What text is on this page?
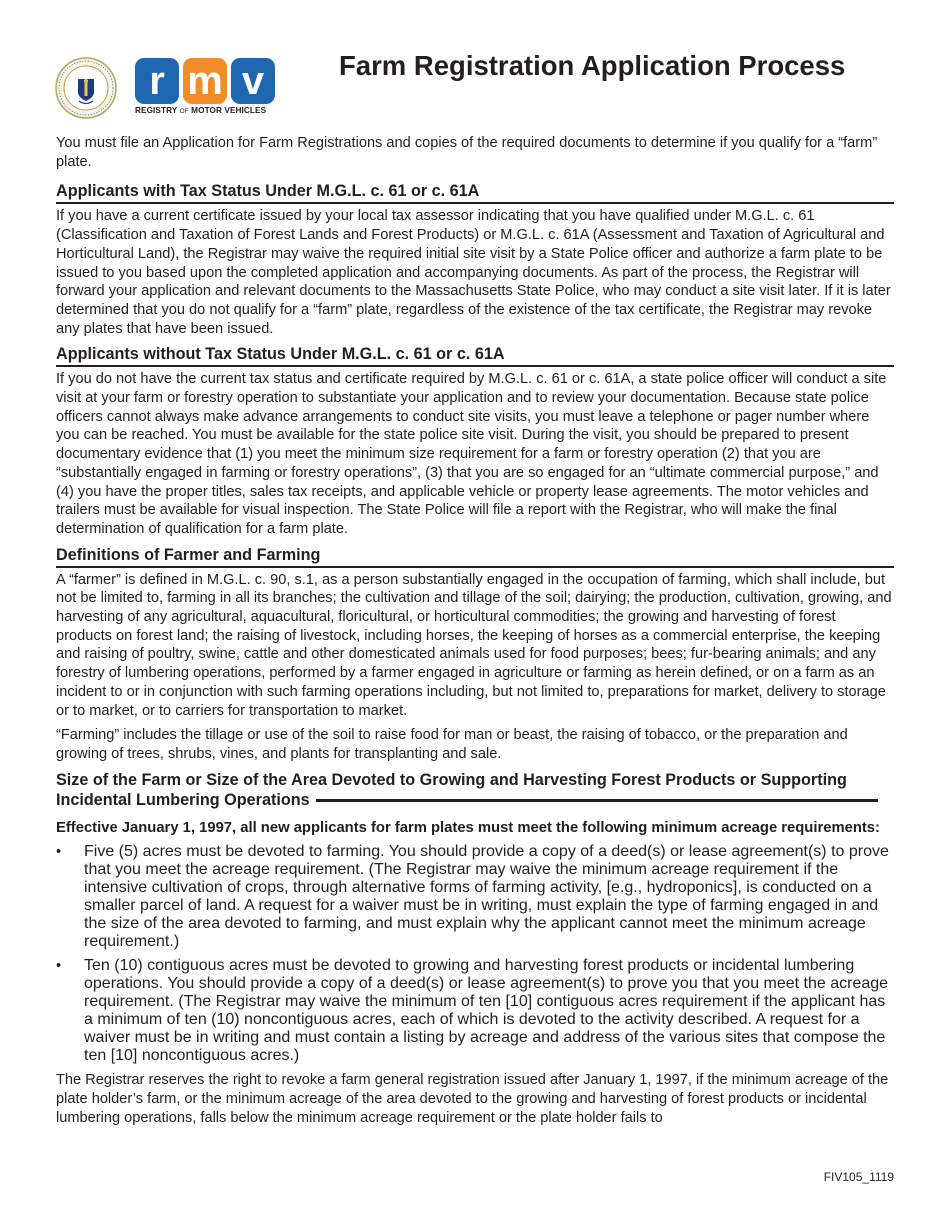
r m v
REGISTRY OF MOTOR VEHICLES
Farm Registration Application Process

You must file an Application for Farm Registrations and copies of the required documents to determine if you qualify for a “farm” plate.

Applicants with Tax Status Under M.G.L. c. 61 or c. 61A

If you have a current certificate issued by your local tax assessor indicating that you have qualified under M.G.L. c. 61 (Classification and Taxation of Forest Lands and Forest Products) or M.G.L. c. 61A (Assessment and Taxation of Agricultural and Horticultural Land), the Registrar may waive the required initial site visit by a State Police officer and authorize a farm plate to be issued to you based upon the completed application and accompanying documents. As part of the process, the Registrar will forward your application and relevant documents to the Massachusetts State Police, who may conduct a site visit later. If it is later determined that you do not qualify for a “farm” plate, regardless of the existence of the tax certificate, the Registrar may revoke any plates that have been issued.

Applicants without Tax Status Under M.G.L. c. 61 or c. 61A

If you do not have the current tax status and certificate required by M.G.L. c. 61 or c. 61A, a state police officer will conduct a site visit at your farm or forestry operation to substantiate your application and to review your documentation. Because state police officers cannot always make advance arrangements to conduct site visits, you must leave a telephone or pager number where you can be reached. You must be available for the state police site visit. During the visit, you should be prepared to present documentary evidence that (1) you meet the minimum size requirement for a farm or forestry operation (2) that you are “substantially engaged in farming or forestry operations”, (3) that you are so engaged for an “ultimate commercial purpose,” and (4) you have the proper titles, sales tax receipts, and applicable vehicle or property lease agreements. The motor vehicles and trailers must be available for visual inspection. The State Police will file a report with the Registrar, who will make the final determination of qualification for a farm plate.

Definitions of Farmer and Farming

A “farmer” is defined in M.G.L. c. 90, s.1, as a person substantially engaged in the occupation of farming, which shall include, but not be limited to, farming in all its branches; the cultivation and tillage of the soil; dairying; the production, cultivation, growing, and harvesting of any agricultural, aquacultural, floricultural, or horticultural commodities; the growing and harvesting of forest products on forest land; the raising of livestock, including horses, the keeping of horses as a commercial enterprise, the keeping and raising of poultry, swine, cattle and other domesticated animals used for food purposes; bees; fur-bearing animals; and any forestry of lumbering operations, performed by a farmer engaged in agriculture or farming as herein defined, or on a farm as an incident to or in conjunction with such farming operations including, but not limited to, preparations for market, delivery to storage or to market, or to carriers for transportation to market.

“Farming” includes the tillage or use of the soil to raise food for man or beast, the raising of tobacco, or the preparation and growing of trees, shrubs, vines, and plants for transplanting and sale.

Size of the Farm or Size of the Area Devoted to Growing and Harvesting Forest Products or Supporting
Incidental Lumbering Operations

Effective January 1, 1997, all new applicants for farm plates must meet the following minimum acreage requirements:

• Five (5) acres must be devoted to farming. You should provide a copy of a deed(s) or lease agreement(s) to prove that you meet the acreage requirement. (The Registrar may waive the minimum acreage requirement if the intensive cultivation of crops, through alternative forms of farming activity, [e.g., hydroponics], is conducted on a smaller parcel of land. A request for a waiver must be in writing, must explain the type of farming engaged in and the size of the area devoted to farming, and must explain why the applicant cannot meet the minimum acreage requirement.)
• Ten (10) contiguous acres must be devoted to growing and harvesting forest products or incidental lumbering operations. You should provide a copy of a deed(s) or lease agreement(s) to prove you that you meet the acreage requirement. (The Registrar may waive the minimum of ten [10] contiguous acres requirement if the applicant has a minimum of ten (10) noncontiguous acres, each of which is devoted to the activity described. A request for a waiver must be in writing and must contain a listing by acreage and address of the various sites that compose the ten [10] noncontiguous acres.)

The Registrar reserves the right to revoke a farm general registration issued after January 1, 1997, if the minimum acreage of the plate holder’s farm, or the minimum acreage of the area devoted to the growing and harvesting of forest products or incidental lumbering operations, falls below the minimum acreage requirement or the plate holder fails to

FIV105_1119
